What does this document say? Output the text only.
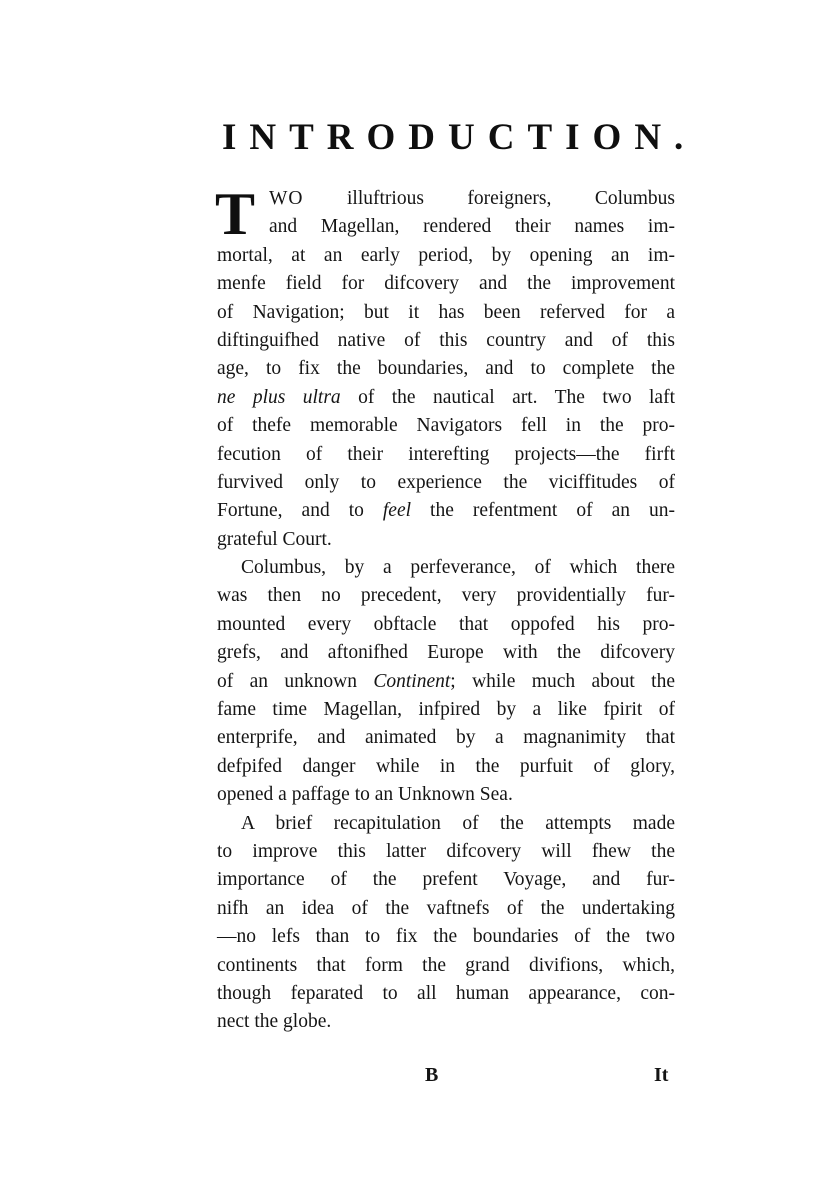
INTRODUCTION.
T WO illuftrious foreigners, Columbus
and Magellan, rendered their names im-
mortal, at an early period, by opening an im-
menfe field for difcovery and the improvement
of Navigation; but it has been referved for a
diftinguifhed native of this country and of this
age, to fix the boundaries, and to complete the
ne plus ultra of the nautical art. The two laft
of thefe memorable Navigators fell in the pro-
fecution of their interefting projects—the firft
furvived only to experience the viciffitudes of
Fortune, and to feel the refentment of an un-
grateful Court.
Columbus, by a perfeverance, of which there
was then no precedent, very providentially fur-
mounted every obftacle that oppofed his pro-
grefs, and aftonifhed Europe with the difcovery
of an unknown Continent; while much about the
fame time Magellan, infpired by a like fpirit of
enterprife, and animated by a magnanimity that
defpifed danger while in the purfuit of glory,
opened a paffage to an Unknown Sea.
A brief recapitulation of the attempts made
to improve this latter difcovery will fhew the
importance of the prefent Voyage, and fur-
nifh an idea of the vaftnefs of the undertaking
—no lefs than to fix the boundaries of the two
continents that form the grand divifions, which,
though feparated to all human appearance, con-
nect the globe.
B	It
